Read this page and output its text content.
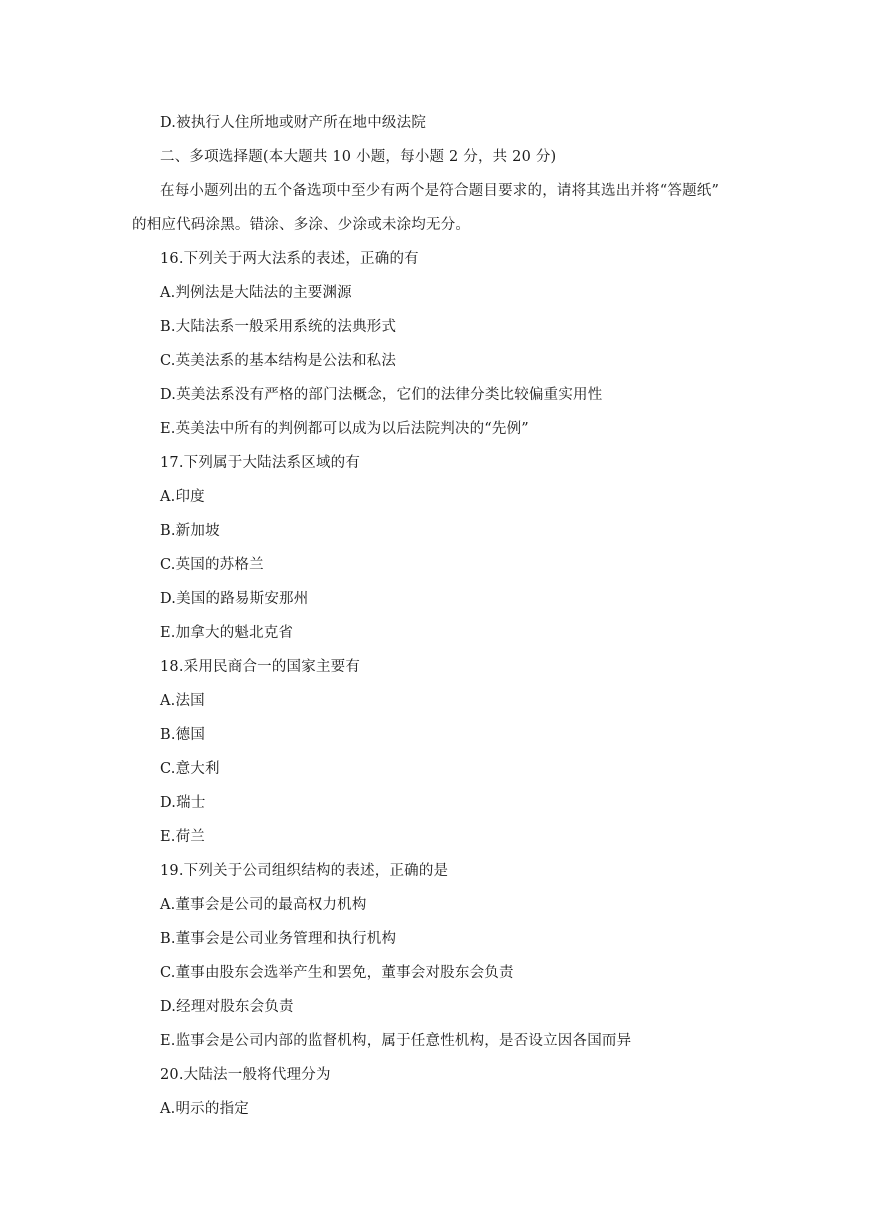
D.被执行人住所地或财产所在地中级法院
二、多项选择题(本大题共 10 小题，每小题 2 分，共 20 分)
在每小题列出的五个备选项中至少有两个是符合题目要求的，请将其选出并将“答题纸”
的相应代码涂黑。错涂、多涂、少涂或未涂均无分。
16.下列关于两大法系的表述，正确的有
A.判例法是大陆法的主要渊源
B.大陆法系一般采用系统的法典形式
C.英美法系的基本结构是公法和私法
D.英美法系没有严格的部门法概念，它们的法律分类比较偏重实用性
E.英美法中所有的判例都可以成为以后法院判决的“先例”
17.下列属于大陆法系区域的有
A.印度
B.新加坡
C.英国的苏格兰
D.美国的路易斯安那州
E.加拿大的魁北克省
18.采用民商合一的国家主要有
A.法国
B.德国
C.意大利
D.瑞士
E.荷兰
19.下列关于公司组织结构的表述，正确的是
A.董事会是公司的最高权力机构
B.董事会是公司业务管理和执行机构
C.董事由股东会选举产生和罢免，董事会对股东会负责
D.经理对股东会负责
E.监事会是公司内部的监督机构，属于任意性机构，是否设立因各国而异
20.大陆法一般将代理分为
A.明示的指定
